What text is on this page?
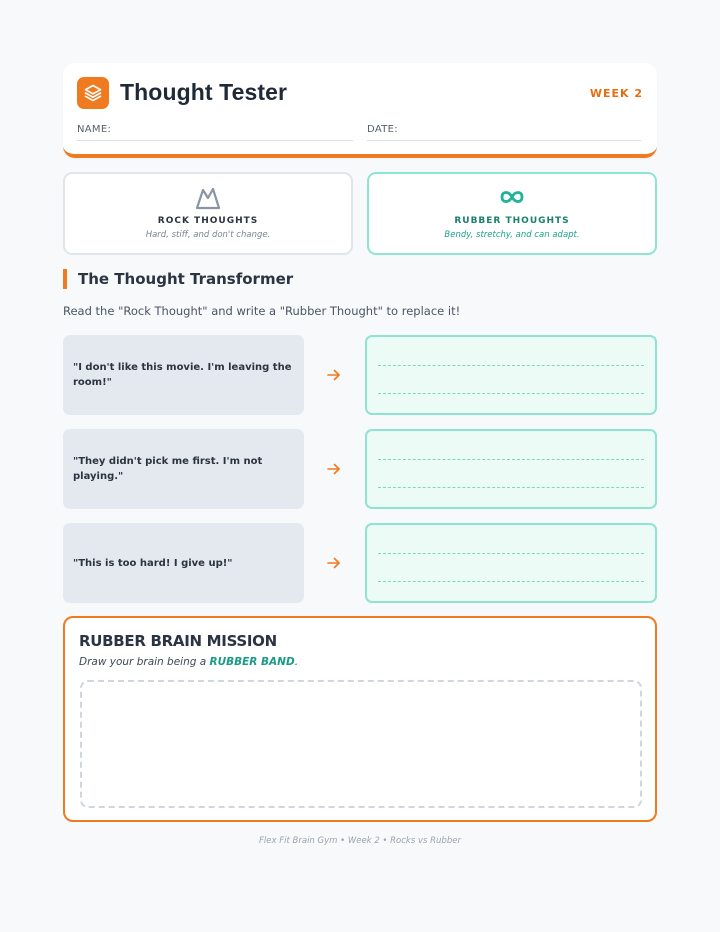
Thought Tester	WEEK 2
NAME:	DATE:
ROCK THOUGHTS
Hard, stiff, and don't change.
RUBBER THOUGHTS
Bendy, stretchy, and can adapt.
The Thought Transformer
Read the "Rock Thought" and write a "Rubber Thought" to replace it!
"I don't like this movie. I'm leaving the room!"
"They didn't pick me first. I'm not playing."
"This is too hard! I give up!"
RUBBER BRAIN MISSION
Draw your brain being a RUBBER BAND.
Flex Fit Brain Gym • Week 2 • Rocks vs Rubber
